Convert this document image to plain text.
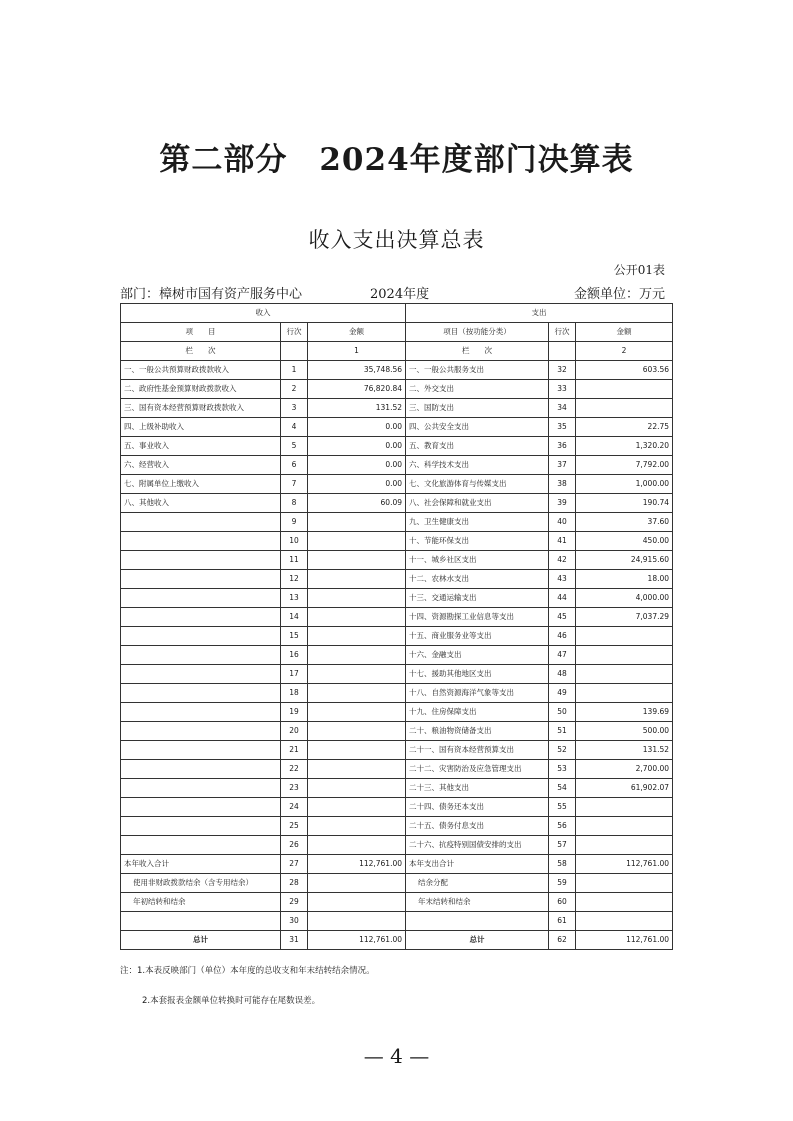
第二部分　2024年度部门决算表
收入支出决算总表
公开01表
部门：樟树市国有资产服务中心	2024年度	金额单位：万元
收入			支出		
项　　目	行次	金额	项目（按功能分类）	行次	金额
栏　　次		1	栏　　次		2
一、一般公共预算财政拨款收入	1	35,748.56	一、一般公共服务支出	32	603.56
二、政府性基金预算财政拨款收入	2	76,820.84	二、外交支出	33	
三、国有资本经营预算财政拨款收入	3	131.52	三、国防支出	34	
四、上级补助收入	4	0.00	四、公共安全支出	35	22.75
五、事业收入	5	0.00	五、教育支出	36	1,320.20
六、经营收入	6	0.00	六、科学技术支出	37	7,792.00
七、附属单位上缴收入	7	0.00	七、文化旅游体育与传媒支出	38	1,000.00
八、其他收入	8	60.09	八、社会保障和就业支出	39	190.74
	9		九、卫生健康支出	40	37.60
	10		十、节能环保支出	41	450.00
	11		十一、城乡社区支出	42	24,915.60
	12		十二、农林水支出	43	18.00
	13		十三、交通运输支出	44	4,000.00
	14		十四、资源勘探工业信息等支出	45	7,037.29
	15		十五、商业服务业等支出	46	
	16		十六、金融支出	47	
	17		十七、援助其他地区支出	48	
	18		十八、自然资源海洋气象等支出	49	
	19		十九、住房保障支出	50	139.69
	20		二十、粮油物资储备支出	51	500.00
	21		二十一、国有资本经营预算支出	52	131.52
	22		二十二、灾害防治及应急管理支出	53	2,700.00
	23		二十三、其他支出	54	61,902.07
	24		二十四、债务还本支出	55	
	25		二十五、债务付息支出	56	
	26		二十六、抗疫特别国债安排的支出	57	
本年收入合计	27	112,761.00	本年支出合计	58	112,761.00
使用非财政拨款结余（含专用结余）	28		结余分配	59	
年初结转和结余	29		年末结转和结余	60	
	30			61	
总计	31	112,761.00	总计	62	112,761.00
注：1.本表反映部门（单位）本年度的总收支和年末结转结余情况。
2.本套报表金额单位转换时可能存在尾数误差。
— 4 —
